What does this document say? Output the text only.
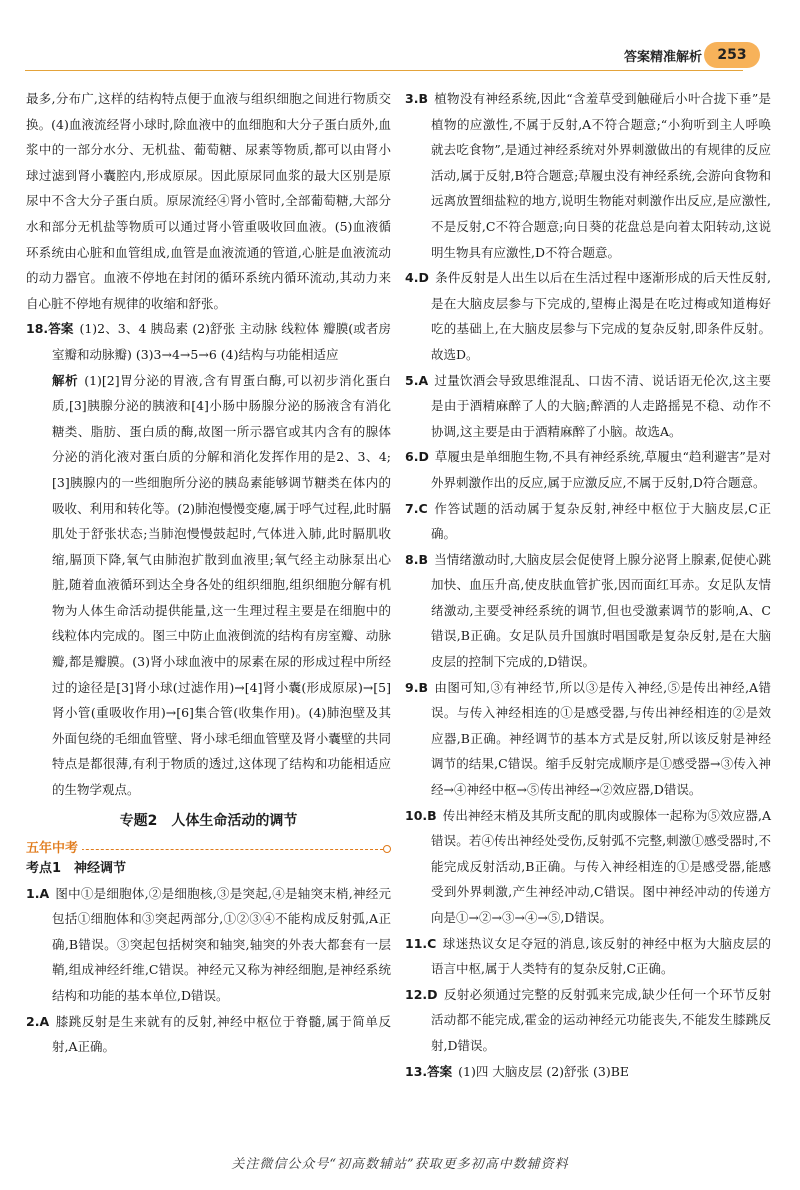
答案精准解析	253

最多,分布广,这样的结构特点便于血液与组织细胞之间进行物质交换。(4)血液流经肾小球时,除血液中的血细胞和大分子蛋白质外,血浆中的一部分水分、无机盐、葡萄糖、尿素等物质,都可以由肾小球过滤到肾小囊腔内,形成原尿。因此原尿同血浆的最大区别是原尿中不含大分子蛋白质。原尿流经④肾小管时,全部葡萄糖,大部分水和部分无机盐等物质可以通过肾小管重吸收回血液。(5)血液循环系统由心脏和血管组成,血管是血液流通的管道,心脏是血液流动的动力器官。血液不停地在封闭的循环系统内循环流动,其动力来自心脏不停地有规律的收缩和舒张。

18.答案 (1)2、3、4 胰岛素 (2)舒张 主动脉 线粒体 瓣膜(或者房室瓣和动脉瓣) (3)3→4→5→6 (4)结构与功能相适应
解析 (1)[2]胃分泌的胃液,含有胃蛋白酶,可以初步消化蛋白质,[3]胰腺分泌的胰液和[4]小肠中肠腺分泌的肠液含有消化糖类、脂肪、蛋白质的酶,故图一所示器官或其内含有的腺体分泌的消化液对蛋白质的分解和消化发挥作用的是2、3、4;[3]胰腺内的一些细胞所分泌的胰岛素能够调节糖类在体内的吸收、利用和转化等。(2)肺泡慢慢变瘪,属于呼气过程,此时膈肌处于舒张状态;当肺泡慢慢鼓起时,气体进入肺,此时膈肌收缩,膈顶下降,氧气由肺泡扩散到血液里;氧气经主动脉泵出心脏,随着血液循环到达全身各处的组织细胞,组织细胞分解有机物为人体生命活动提供能量,这一生理过程主要是在细胞中的线粒体内完成的。图三中防止血液倒流的结构有房室瓣、动脉瓣,都是瓣膜。(3)肾小球血液中的尿素在尿的形成过程中所经过的途径是[3]肾小球(过滤作用)→[4]肾小囊(形成原尿)→[5]肾小管(重吸收作用)→[6]集合管(收集作用)。(4)肺泡壁及其外面包绕的毛细血管壁、肾小球毛细血管壁及肾小囊壁的共同特点是都很薄,有利于物质的透过,这体现了结构和功能相适应的生物学观点。
专题2　人体生命活动的调节
五年中考
考点1　神经调节
1.A 图中①是细胞体,②是细胞核,③是突起,④是轴突末梢,神经元包括①细胞体和③突起两部分,①②③④不能构成反射弧,A正确,B错误。③突起包括树突和轴突,轴突的外表大都套有一层鞘,组成神经纤维,C错误。神经元又称为神经细胞,是神经系统结构和功能的基本单位,D错误。
2.A 膝跳反射是生来就有的反射,神经中枢位于脊髓,属于简单反射,A正确。
3.B 植物没有神经系统,因此“含羞草受到触碰后小叶合拢下垂”是植物的应激性,不属于反射,A不符合题意;“小狗听到主人呼唤就去吃食物”,是通过神经系统对外界刺激做出的有规律的反应活动,属于反射,B符合题意;草履虫没有神经系统,会游向食物和远离放置细盐粒的地方,说明生物能对刺激作出反应,是应激性,不是反射,C不符合题意;向日葵的花盘总是向着太阳转动,这说明生物具有应激性,D不符合题意。
4.D 条件反射是人出生以后在生活过程中逐渐形成的后天性反射,是在大脑皮层参与下完成的,望梅止渴是在吃过梅或知道梅好吃的基础上,在大脑皮层参与下完成的复杂反射,即条件反射。故选D。
5.A 过量饮酒会导致思维混乱、口齿不清、说话语无伦次,这主要是由于酒精麻醉了人的大脑;醉酒的人走路摇晃不稳、动作不协调,这主要是由于酒精麻醉了小脑。故选A。
6.D 草履虫是单细胞生物,不具有神经系统,草履虫“趋利避害”是对外界刺激作出的反应,属于应激反应,不属于反射,D符合题意。
7.C 作答试题的活动属于复杂反射,神经中枢位于大脑皮层,C正确。
8.B 当情绪激动时,大脑皮层会促使肾上腺分泌肾上腺素,促使心跳加快、血压升高,使皮肤血管扩张,因而面红耳赤。女足队友情绪激动,主要受神经系统的调节,但也受激素调节的影响,A、C错误,B正确。女足队员升国旗时唱国歌是复杂反射,是在大脑皮层的控制下完成的,D错误。
9.B 由图可知,③有神经节,所以③是传入神经,⑤是传出神经,A错误。与传入神经相连的①是感受器,与传出神经相连的②是效应器,B正确。神经调节的基本方式是反射,所以该反射是神经调节的结果,C错误。缩手反射完成顺序是①感受器→③传入神经→④神经中枢→⑤传出神经→②效应器,D错误。
10.B 传出神经末梢及其所支配的肌肉或腺体一起称为⑤效应器,A错误。若④传出神经处受伤,反射弧不完整,刺激①感受器时,不能完成反射活动,B正确。与传入神经相连的①是感受器,能感受到外界刺激,产生神经冲动,C错误。图中神经冲动的传递方向是①→②→③→④→⑤,D错误。
11.C 球迷热议女足夺冠的消息,该反射的神经中枢为大脑皮层的语言中枢,属于人类特有的复杂反射,C正确。
12.D 反射必须通过完整的反射弧来完成,缺少任何一个环节反射活动都不能完成,霍金的运动神经元功能丧失,不能发生膝跳反射,D错误。
13.答案 (1)四 大脑皮层 (2)舒张 (3)BE
关注微信公众号“初高数辅站”获取更多初高中数辅资料
